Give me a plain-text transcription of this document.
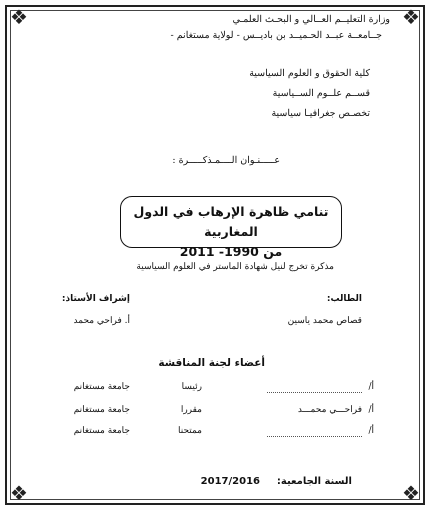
❖	❖
❖	❖
وزارة التعليــم العــالي و البحـث العلمـي
جــامعــة عبــد الحـميــد بن باديــس - لولاية مستغانم -
كلية الحقوق و العلوم السياسية
قســم علــوم الســياسية
تخصـص جغرافيـا سياسية
عـــــنـوان الــــمـذكـــــرة :
تنامي ظاهرة الإرهاب في الدول المغاربية
من 1990- 2011
مذكرة تخرج لنيل شهادة الماستر في العلوم السياسية
الطالب:
قصاص محمد ياسين
إشراف الأستاذ:
أ. فراحي محمد
أعضاء لجنة المناقشة
أ/

رئيسا
جامعة مستغانم
أ/
فراحـــي محمـــد
مقررا
جامعة مستغانم
أ/

ممتحنا
جامعة مستغانم
السنة الجامعية:
2017/2016
